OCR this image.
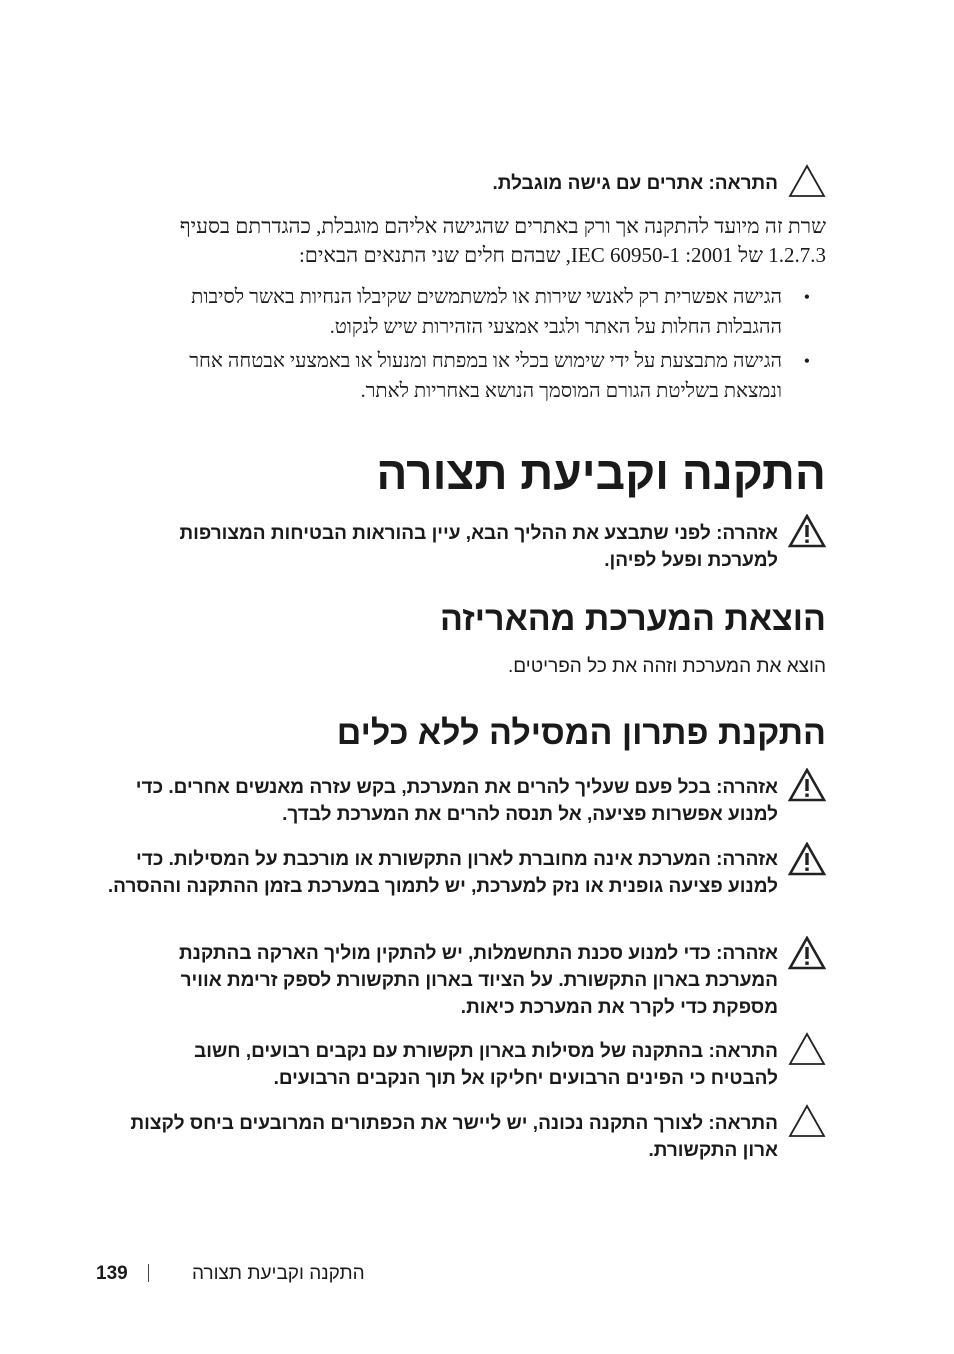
התראה: אתרים עם גישה מוגבלת.
שרת זה מיועד להתקנה אך ורק באתרים שהגישה אליהם מוגבלת, כהגדרתם בסעיף 1.2.7.3 של IEC 60950-1 :2001, שבהם חלים שני התנאים הבאים:
•
הגישה אפשרית רק לאנשי שירות או למשתמשים שקיבלו הנחיות באשר לסיבות ההגבלות החלות על האתר ולגבי אמצעי הזהירות שיש לנקוט.
•
הגישה מתבצעת על ידי שימוש בכלי או במפתח ומנעול או באמצעי אבטחה אחר ונמצאת בשליטת הגורם המוסמך הנושא באחריות לאתר.
התקנה וקביעת תצורה
אזהרה: לפני שתבצע את ההליך הבא, עיין בהוראות הבטיחות המצורפות למערכת ופעל לפיהן.
הוצאת המערכת מהאריזה
הוצא את המערכת וזהה את כל הפריטים.
התקנת פתרון המסילה ללא כלים
אזהרה: בכל פעם שעליך להרים את המערכת, בקש עזרה מאנשים אחרים. כדי למנוע אפשרות פציעה, אל תנסה להרים את המערכת לבדך.
אזהרה: המערכת אינה מחוברת לארון התקשורת או מורכבת על המסילות. כדי למנוע פציעה גופנית או נזק למערכת, יש לתמוך במערכת בזמן ההתקנה וההסרה.
אזהרה: כדי למנוע סכנת התחשמלות, יש להתקין מוליך הארקה בהתקנת המערכת בארון התקשורת. על הציוד בארון התקשורת לספק זרימת אוויר מספקת כדי לקרר את המערכת כיאות.
התראה: בהתקנה של מסילות בארון תקשורת עם נקבים רבועים, חשוב להבטיח כי הפינים הרבועים יחליקו אל תוך הנקבים הרבועים.
התראה: לצורך התקנה נכונה, יש ליישר את הכפתורים המרובעים ביחס לקצות ארון התקשורת.
139	התקנה וקביעת תצורה
